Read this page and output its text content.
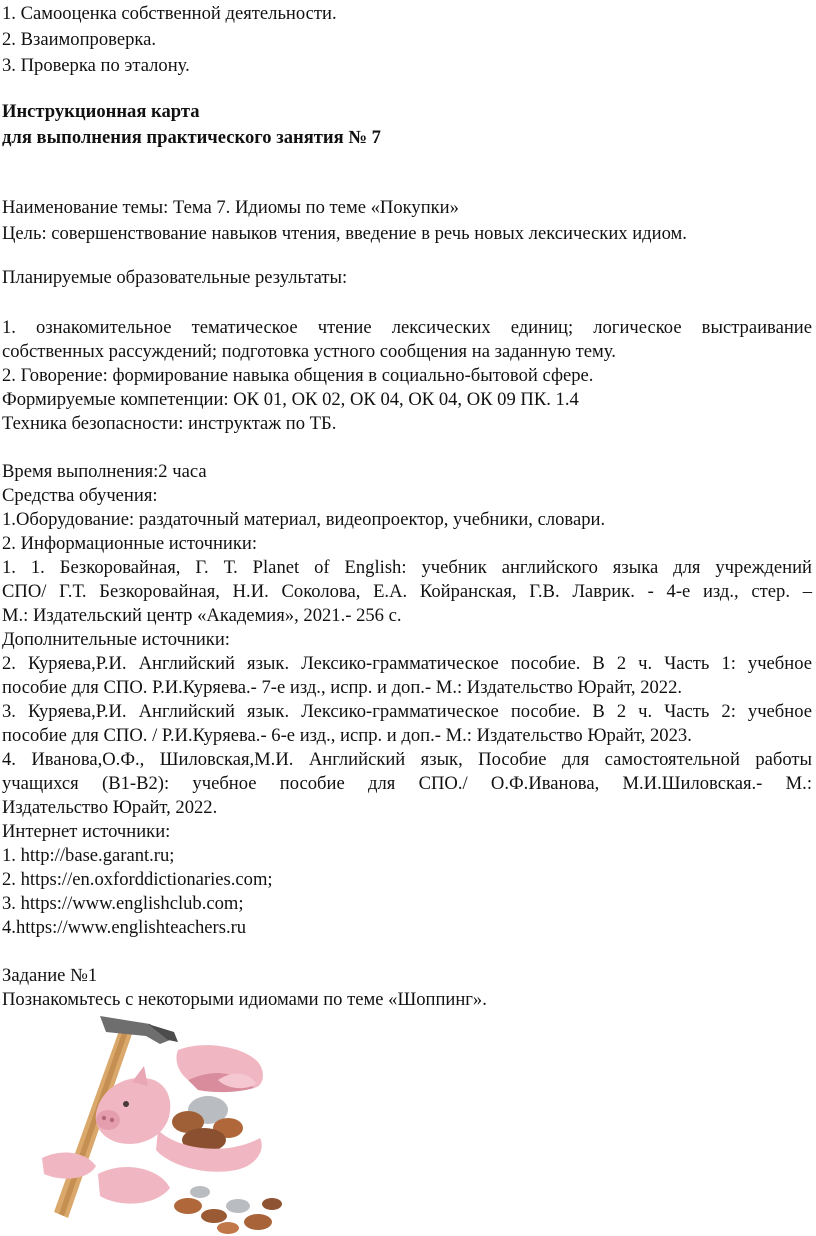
1. Самооценка собственной деятельности.
2. Взаимопроверка.
3. Проверка по эталону.
Инструкционная карта
для выполнения практического занятия № 7
Наименование темы: Тема 7. Идиомы по теме «Покупки»
Цель: совершенствование навыков чтения, введение в речь новых лексических идиом.
Планируемые образовательные результаты:
1. ознакомительное тематическое чтение лексических единиц; логическое выстраивание
собственных рассуждений; подготовка устного сообщения на заданную тему.
2. Говорение: формирование навыка общения в социально-бытовой сфере.
Формируемые компетенции: ОК 01, ОК 02, ОК 04, ОК 04, ОК 09 ПК. 1.4
Техника безопасности: инструктаж по ТБ.
Время выполнения:2 часа
Средства обучения:
1.Оборудование: раздаточный материал, видеопроектор, учебники, словари.
2. Информационные источники:
1. 1. Безкоровайная, Г. Т. Planet of English: учебник английского языка для учреждений
СПО/ Г.Т. Безкоровайная, Н.И. Соколова, Е.А. Койранская, Г.В. Лаврик. - 4-е изд., стер. –
М.: Издательский центр «Академия», 2021.- 256 с.
Дополнительные источники:
2. Куряева,Р.И. Английский язык. Лексико-грамматическое пособие. В 2 ч. Часть 1: учебное
пособие для СПО. Р.И.Куряева.- 7-е изд., испр. и доп.- М.: Издательство Юрайт, 2022.
3. Куряева,Р.И. Английский язык. Лексико-грамматическое пособие. В 2 ч. Часть 2: учебное
пособие для СПО. / Р.И.Куряева.- 6-е изд., испр. и доп.- М.: Издательство Юрайт, 2023.
4. Иванова,О.Ф., Шиловская,М.И. Английский язык, Пособие для самостоятельной работы
учащихся (B1-B2): учебное пособие для СПО./ О.Ф.Иванова, М.И.Шиловская.- М.:
Издательство Юрайт, 2022.
Интернет источники:
1. http://base.garant.ru;
2. https://en.oxforddictionaries.com;
3. https://www.englishclub.com;
4.https://www.englishteachers.ru
Задание №1
Познакомьтесь с некоторыми идиомами по теме «Шоппинг».
